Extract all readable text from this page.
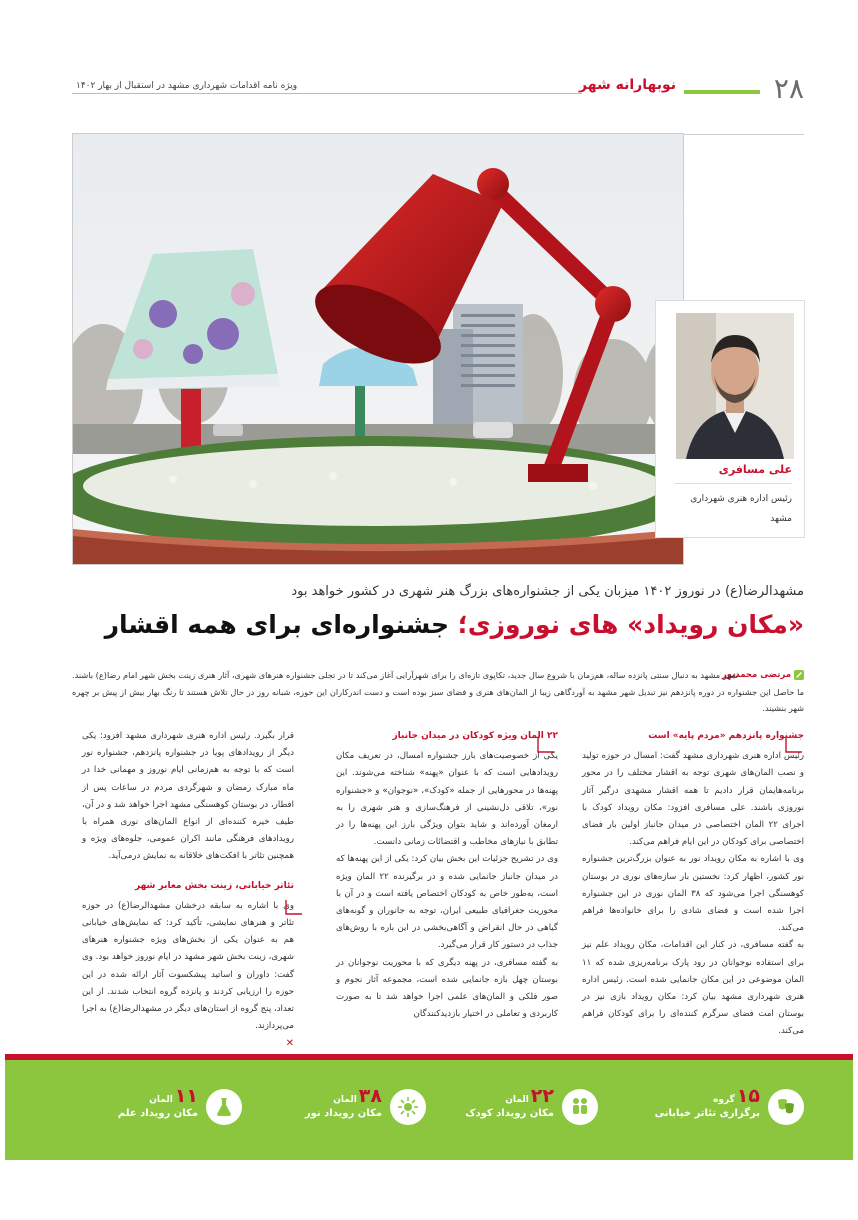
۲۸
نوبهارانه شهر
ویژه نامه اقدامات شهرداری مشهد در استقبال از بهار ۱۴۰۲
علی مسافری
رئیس اداره هنری شهرداری مشهد
مشهدالرضا(ع) در نوروز ۱۴۰۲ میزبان یکی از جشنواره‌های بزرگ هنر شهری در کشور خواهد بود
«مکان رویداد» های نوروزی؛ جشنواره‌ای برای همه اقشار
مرتضی محمدپور
شهر مشهد به دنبال سنتی پانزده ساله، هم‌زمان با شروع سال جدید، تکاپوی تازه‌ای را برای شهرآرایی آغاز می‌کند تا در تجلی جشنواره هنرهای شهری، آثار هنری زینت بخش شهر امام رضا(ع) باشند. ما حاصل این جشنواره در دوره پانزدهم نیز تبدیل شهر مشهد به آوردگاهی زیبا از المان‌های هنری و فضای سبز بوده است و دست اندرکاران این حوزه، شبانه روز در حال تلاش هستند تا رنگ بهار بیش از پیش بر چهره شهر بنشیند.
جشنواره پانزدهم «مردم پایه» است

رئیس اداره هنری شهرداری مشهد گفت: امسال در حوزه تولید و نصب المان‌های شهری توجه به اقشار مختلف را در محور برنامه‌هایمان قرار دادیم تا همه اقشار مشهدی درگیر آثار نوروزی باشند. علی مسافری افزود: مکان رویداد کودک با اجرای ۲۲ المان اختصاصی در میدان جانباز اولین بار فضای اختصاصی برای کودکان در این ایام فراهم می‌کند.

وی با اشاره به مکان رویداد نور به عنوان بزرگ‌ترین جشنواره نور کشور، اظهار کرد: نخستین بار سازه‌های نوری در بوستان کوهسنگی اجرا می‌شود که ۳۸ المان نوری در این جشنواره اجرا شده است و فضای شادی را برای خانواده‌ها فراهم می‌کند.

به گفته مسافری، در کنار این اقدامات، مکان رویداد علم نیز برای استفاده نوجوانان در رود پارک برنامه‌ریزی شده که ۱۱ المان موضوعی در این مکان جانمایی شده است. رئیس اداره هنری شهرداری مشهد بیان کرد: مکان رویداد بازی نیز در بوستان امت فضای سرگرم کننده‌ای را برای کودکان فراهم می‌کند.

۲۲ المان ویژه کودکان در میدان جانباز

یکی از خصوصیت‌های بارز جشنواره امسال، در تعریف مکان رویدادهایی است که با عنوان «پهنه» شناخته می‌شوند. این پهنه‌ها در محورهایی از جمله «کودک»، «نوجوان» و «جشنواره نور»، تلاقی دل‌نشینی از فرهنگ‌سازی و هنر شهری را به ارمغان آورده‌اند و شاید بتوان ویژگی بارز این پهنه‌ها را در تطابق با نیازهای مخاطب و اقتضائات زمانی دانست.

وی در تشریح جزئیات این بخش بیان کرد: یکی از این پهنه‌ها که در میدان جانباز جانمایی شده و در برگیرنده ۲۲ المان ویژه است، به‌طور خاص به کودکان اختصاص یافته است و در آن با محوریت جغرافیای طبیعی ایران، توجه به جانوران و گونه‌های گیاهی در حال انقراض و آگاهی‌بخشی در این باره با روش‌های جذاب در دستور کار قرار می‌گیرد.

به گفته مسافری، در پهنه دیگری که با محوریت نوجوانان در بوستان چهل بازه جانمایی شده است، مجموعه آثار نجوم و صور فلکی و المان‌های علمی اجرا خواهد شد تا به صورت کاربردی و تعاملی در اختیار بازدیدکنندگان

قرار بگیرد. رئیس اداره هنری شهرداری مشهد افزود: یکی دیگر از رویدادهای پویا در جشنواره پانزدهم، جشنواره نور است که با توجه به هم‌زمانی ایام نوروز و مهمانی خدا در ماه مبارک رمضان و شهرگردی مردم در ساعات پس از افطار، در بوستان کوهسنگی مشهد اجرا خواهد شد و در آن، طیف خیره کننده‌ای از انواع المان‌های نوری همراه با رویدادهای فرهنگی مانند اکران عمومی، جلوه‌های ویژه و همچنین تئاتر با افکت‌های خلاقانه به نمایش درمی‌آید.

تئاتر خیابانی، زینت بخش معابر شهر

وی با اشاره به سابقه درخشان مشهدالرضا(ع) در حوزه تئاتر و هنرهای نمایشی، تأکید کرد: که نمایش‌های خیابانی هم به عنوان یکی از بخش‌های ویژه جشنواره هنرهای شهری، زینت بخش شهر مشهد در ایام نوروز خواهد بود. وی گفت: داوران و اساتید پیشکسوت آثار ارائه شده در این حوزه را ارزیابی کردند و پانزده گروه انتخاب شدند. از این تعداد، پنج گروه از استان‌های دیگر در مشهدالرضا(ع) به اجرا می‌پردازند.

✕
۱۵گروه
برگزاری تئاتر خیابانی
۲۲المان
مکان رویداد کودک
۳۸المان
مکان رویداد نور
۱۱المان
مکان رویداد علم
